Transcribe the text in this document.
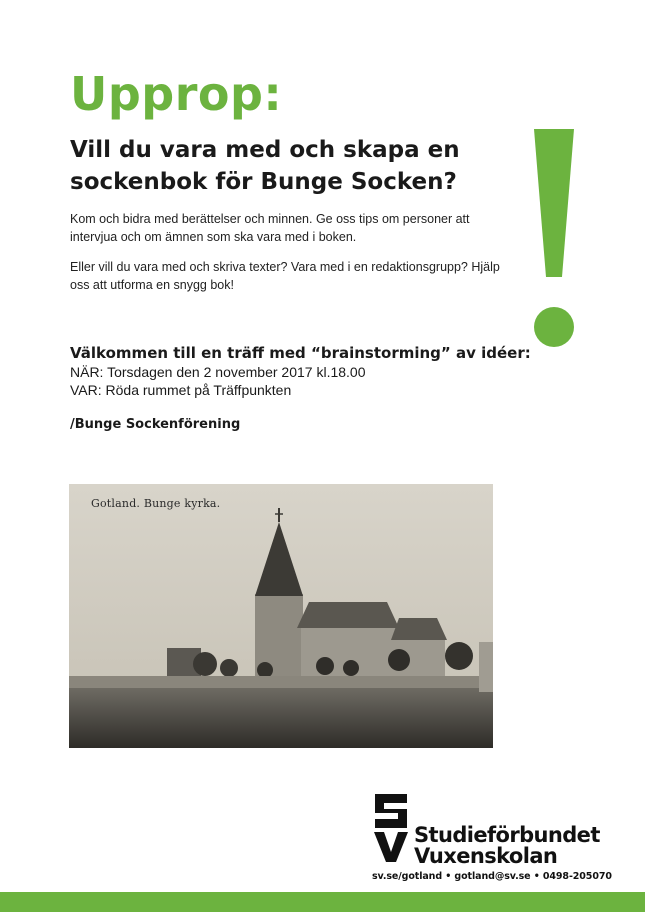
Upprop:
Vill du vara med och skapa en sockenbok för Bunge Socken?

Kom och bidra med berättelser och minnen. Ge oss tips om personer att intervjua och om ämnen som ska vara med i boken.

Eller vill du vara med och skriva texter? Vara med i en redaktionsgrupp? Hjälp oss att utforma en snygg bok!

Välkommen till en träff med “brainstorming” av idéer:

NÄR: Torsdagen den 2 november 2017 kl.18.00

VAR: Röda rummet på Träffpunkten

/Bunge Sockenförening

Gotland. Bunge kyrka.

Studieförbundet

Vuxenskolan

sv.se/gotland • gotland@sv.se • 0498-205070
